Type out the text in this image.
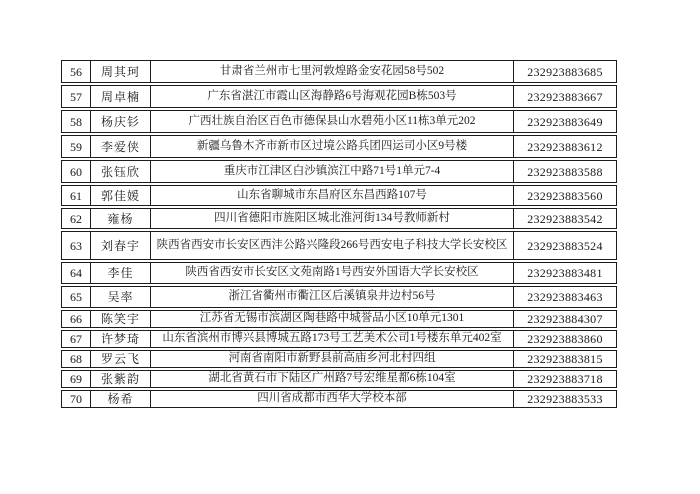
56	周其珂	甘肃省兰州市七里河敦煌路金安花园58号502	232923883685
57	周卓楠	广东省湛江市霞山区海静路6号海观花园B栋503号	232923883667
58	杨庆钐	广西壮族自治区百色市德保县山水碧苑小区11栋3单元202	232923883649
59	李爱侠	新疆乌鲁木齐市新市区过境公路兵团四运司小区9号楼	232923883612
60	张钰欣	重庆市江津区白沙镇滨江中路71号1单元7-4	232923883588
61	郭佳媛	山东省聊城市东昌府区东昌西路107号	232923883560
62	雍杨	四川省德阳市旌阳区城北淮河街134号教师新村	232923883542
63	刘春宇	陕西省西安市长安区西沣公路兴隆段266号西安电子科技大学长安校区	232923883524
64	李佳	陕西省西安市长安区文苑南路1号西安外国语大学长安校区	232923883481
65	吴率	浙江省衢州市衢江区后溪镇泉井边村56号	232923883463
66	陈笑宇	江苏省无锡市滨湖区陶巷路中城誉品小区10单元1301	232923884307
67	许梦琦	山东省滨州市博兴县博城五路173号工艺美术公司1号楼东单元402室	232923883860
68	罗云飞	河南省南阳市新野县前高庙乡河北村四组	232923883815
69	张紫韵	湖北省黄石市下陆区广州路7号宏维星都6栋104室	232923883718
70	杨希	四川省成都市西华大学校本部	232923883533
